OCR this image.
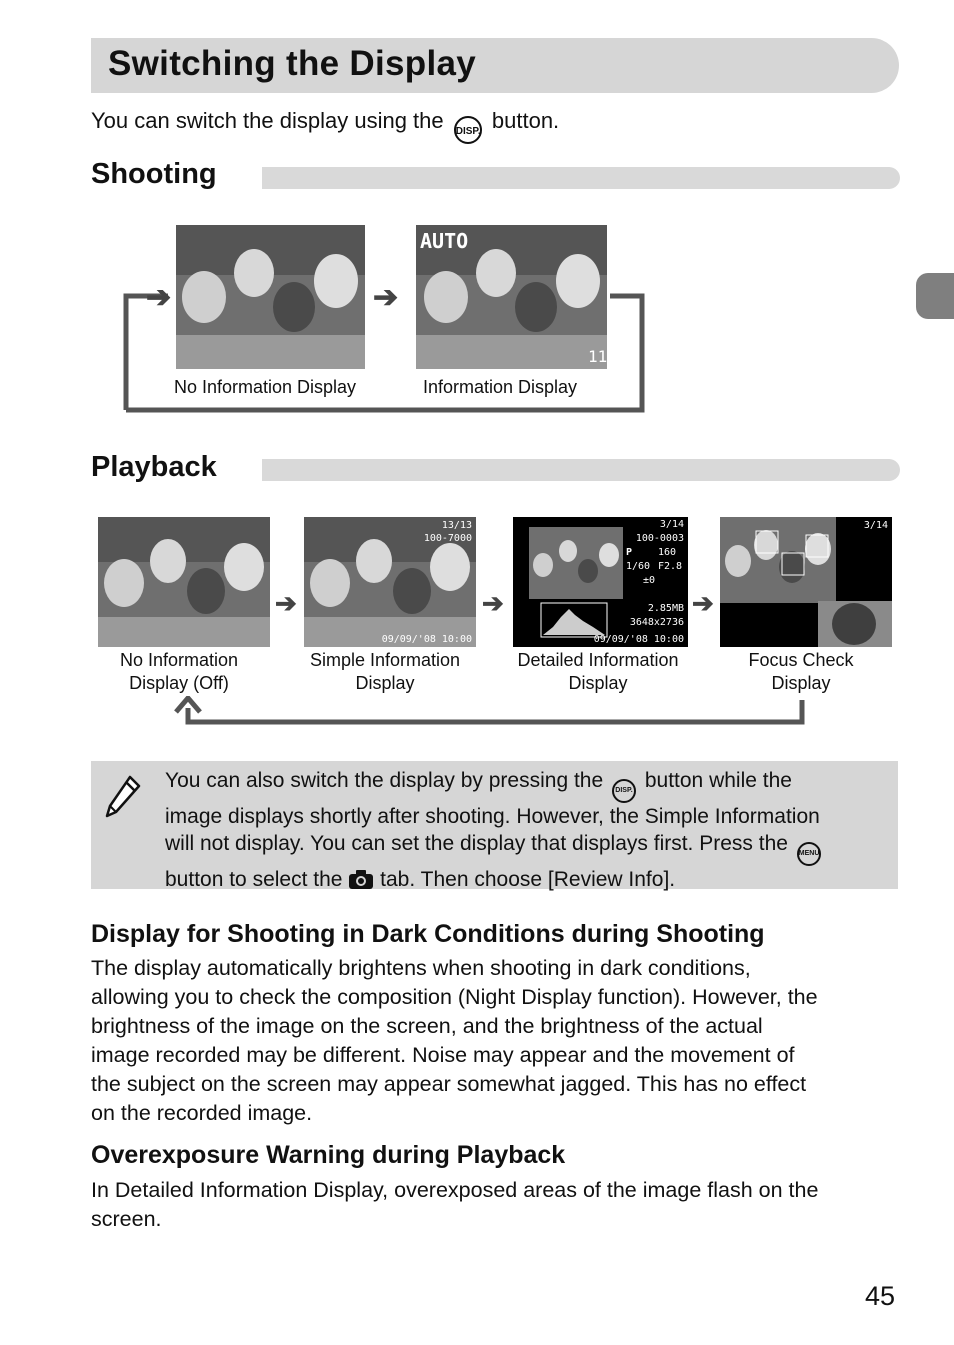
Switching the Display
You can switch the display using the DISP. button.
Shooting
➔	➔
AUTO
11
No Information Display	Information Display
Playback
13/13
100-7000
09/09/'08 10:00
3/14
100-0003
P	160
1/60 F2.8
±0
2.85MB
3648x2736
09/09/'08 10:00
3/14
➔	➔	➔
No Information
Display (Off)
Simple Information
Display
Detailed Information
Display
Focus Check
Display
You can also switch the display by pressing the DISP. button while the
image displays shortly after shooting. However, the Simple Information
will not display. You can set the display that displays first. Press the MENU
button to select the tab. Then choose [Review Info].
Display for Shooting in Dark Conditions during Shooting
The display automatically brightens when shooting in dark conditions,
allowing you to check the composition (Night Display function). However, the
brightness of the image on the screen, and the brightness of the actual
image recorded may be different. Noise may appear and the movement of
the subject on the screen may appear somewhat jagged. This has no effect
on the recorded image.
Overexposure Warning during Playback
In Detailed Information Display, overexposed areas of the image flash on the
screen.
45
